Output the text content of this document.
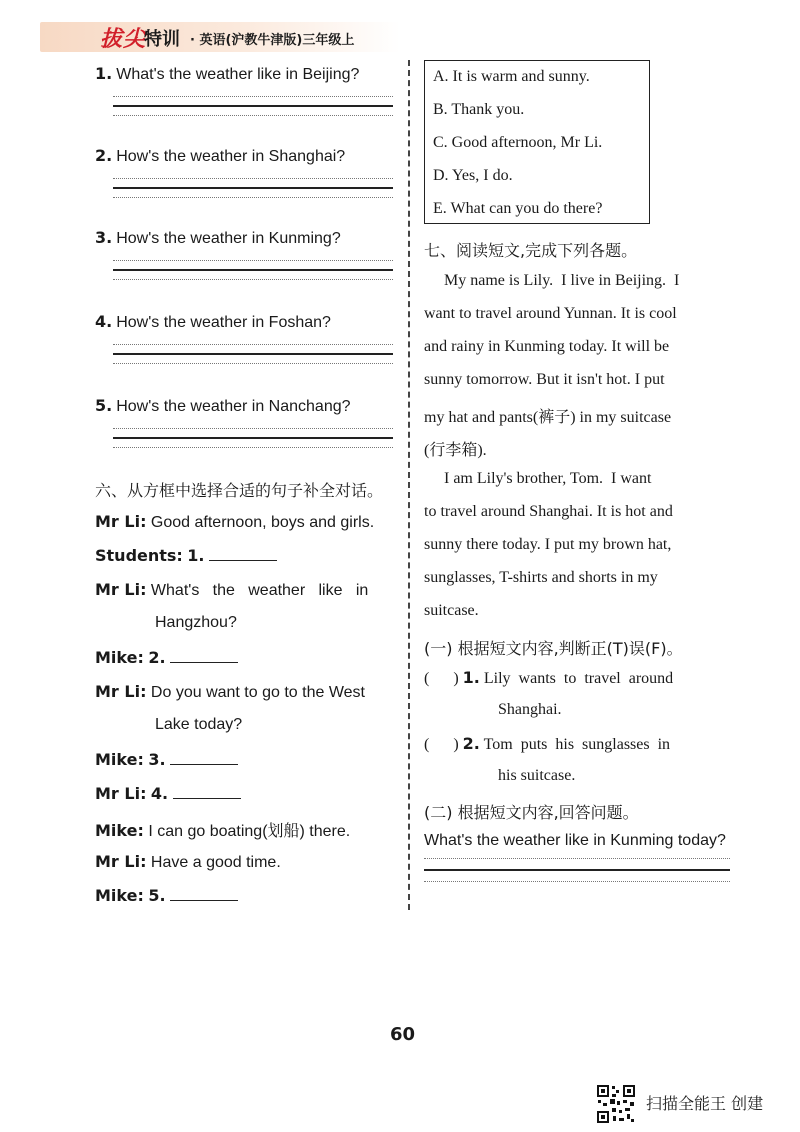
拔尖
特训 · 英语(沪教牛津版)三年级上
1. What's the weather like in Beijing?
2. How's the weather in Shanghai?
3. How's the weather in Kunming?
4. How's the weather in Foshan?
5. How's the weather in Nanchang?
六、从方框中选择合适的句子补全对话。
Mr Li: Good afternoon, boys and girls.
Students: 1.
Mr Li: What's   the   weather   like   in
Hangzhou?
Mike: 2.
Mr Li: Do you want to go to the West
Lake today?
Mike: 3.
Mr Li: 4.
Mike: I can go boating(划船) there.
Mr Li: Have a good time.
Mike: 5.
A. It is warm and sunny.
B. Thank you.
C. Good afternoon, Mr Li.
D. Yes, I do.
E. What can you do there?
七、阅读短文,完成下列各题。
My name is Lily.  I live in Beijing.  I
want to travel around Yunnan. It is cool
and rainy in Kunming today. It will be
sunny tomorrow. But it isn't hot. I put
my hat and pants(裤子) in my suitcase
(行李箱).
I am Lily's brother, Tom.  I want
to travel around Shanghai. It is hot and
sunny there today. I put my brown hat,
sunglasses, T-shirts and shorts in my
suitcase.
(一) 根据短文内容,判断正(T)误(F)。
(      ) 1. Lily  wants  to  travel  around
Shanghai.
(      ) 2. Tom  puts  his  sunglasses  in
his suitcase.
(二) 根据短文内容,回答问题。
What's the weather like in Kunming today?
60
扫描全能王 创建
